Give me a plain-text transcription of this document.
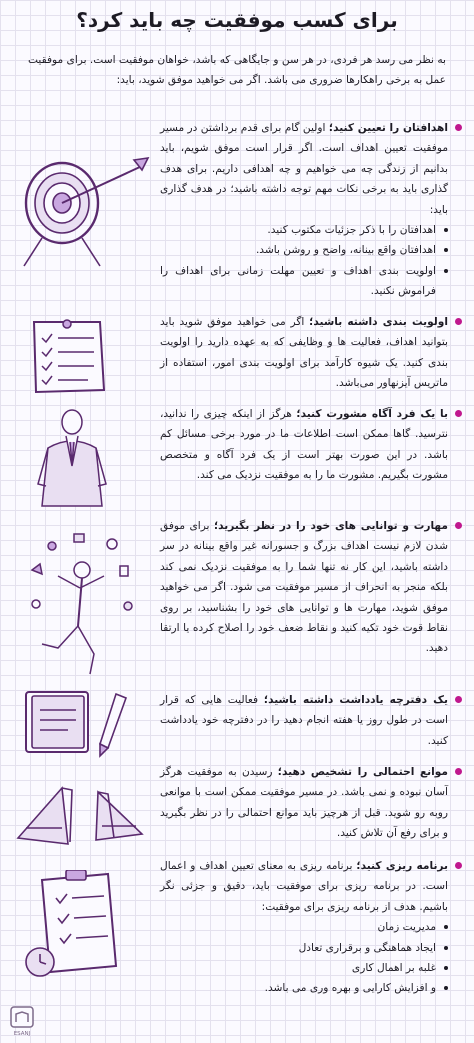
برای کسب موفقیت چه باید کرد؟

به نظر می رسد هر فردی، در هر سن و جایگاهی که باشد، خواهان موفقیت است. برای موفقیت عمل به برخی راهکارها ضروری می باشد. اگر می خواهید موفق شوید، باید:

اهدافتان را تعیین کنید؛ اولین گام برای قدم برداشتن در مسیر موفقیت تعیین اهداف است. اگر قرار است موفق شویم، باید بدانیم از زندگی چه می خواهیم و چه اهدافی داریم. برای هدف گذاری باید به برخی نکات مهم توجه داشته باشید؛ در هدف گذاری باید:

اهدافتان را با ذکر جزئیات مکتوب کنید.
اهدافتان واقع بینانه، واضح و روشن باشد.
اولویت بندی اهداف و تعیین مهلت زمانی برای اهداف را فراموش نکنید.

اولویت بندی داشته باشید؛ اگر می خواهید موفق شوید باید بتوانید اهداف، فعالیت ها و وظایفی که به عهده دارید را اولویت بندی کنید. یک شیوه کارآمد برای اولویت بندی امور، استفاده از ماتریس آیزنهاور می‌باشد.

با یک فرد آگاه مشورت کنید؛ هرگز از اینکه چیزی را ندانید، نترسید. گاها ممکن است اطلاعات ما در مورد برخی مسائل کم باشد. در این صورت بهتر است از یک فرد آگاه و متخصص مشورت بگیریم. مشورت ما را به موفقیت نزدیک می کند.

مهارت و توانایی های خود را در نظر بگیرید؛ برای موفق شدن لازم نیست اهداف بزرگ و جسورانه غیر واقع بینانه در سر داشته باشید، این کار نه تنها شما را به موفقیت نزدیک نمی کند بلکه منجر به انحراف از مسیر موفقیت می شود. اگر می خواهید موفق شوید، مهارت ها و توانایی های خود را بشناسید، بر روی نقاط قوت خود تکیه کنید و نقاط ضعف خود را اصلاح کرده یا ارتقا دهید.

یک دفترچه یادداشت داشته باشید؛ فعالیت هایی که قرار است در طول روز یا هفته انجام دهید را در دفترچه خود یادداشت کنید.

موانع احتمالی را تشخیص دهید؛ رسیدن به موفقیت هرگز آسان نبوده و نمی باشد. در مسیر موفقیت ممکن است با موانعی روبه رو شوید. قبل از هرچیز باید موانع احتمالی را در نظر بگیرید و برای رفع آن تلاش کنید.

برنامه ریزی کنید؛ برنامه ریزی به معنای تعیین اهداف و اعمال است. در برنامه ریزی برای موفقیت باید، دقیق و جزئی نگر باشیم. هدف از برنامه ریزی برای موفقیت:

مدیریت زمان
ایجاد هماهنگی و برقراری تعادل
غلبه بر اهمال کاری
و افزایش کارایی و بهره وری می باشد.
ESANJ
